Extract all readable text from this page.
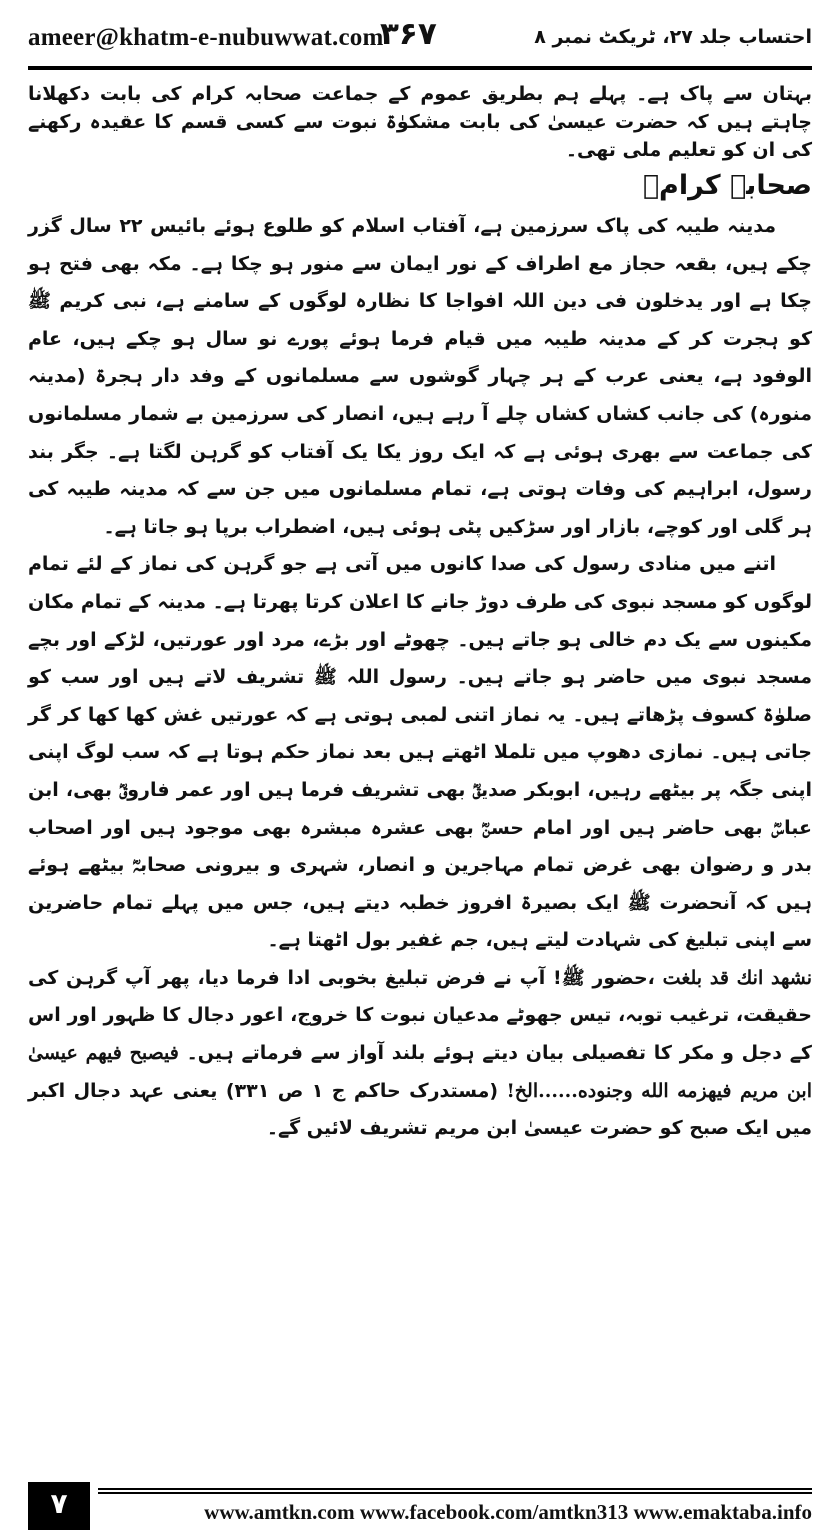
ameer@khatm-e-nubuwwat.com
۳۶۷	احتساب جلد ۲۷، ٹریکٹ نمبر ۸

بہتان سے پاک ہے۔ پہلے ہم بطریق عموم کے جماعت صحابہ کرام کی بابت دکھلانا چاہتے ہیں کہ حضرت عیسیٰ کی بابت مشکوٰۃ نبوت سے کسی قسم کا عقیدہ رکھنے کی ان کو تعلیم ملی تھی۔

صحابہ کرامؓ

مدینہ طیبہ کی پاک سرزمین ہے، آفتاب اسلام کو طلوع ہوئے بائیس ۲۲ سال گزر چکے ہیں، بقعہ حجاز مع اطراف کے نور ایمان سے منور ہو چکا ہے۔ مکہ بھی فتح ہو چکا ہے اور یدخلون فی دین اللہ افواجا کا نظارہ لوگوں کے سامنے ہے، نبی کریم ﷺ کو ہجرت کر کے مدینہ طیبہ میں قیام فرما ہوئے پورے نو سال ہو چکے ہیں، عام الوفود ہے، یعنی عرب کے ہر چہار گوشوں سے مسلمانوں کے وفد دار ہجرۃ (مدینہ منورہ) کی جانب کشاں کشاں چلے آ رہے ہیں، انصار کی سرزمین بے شمار مسلمانوں کی جماعت سے بھری ہوئی ہے کہ ایک روز یکا یک آفتاب کو گرہن لگتا ہے۔ جگر بند رسول، ابراہیم کی وفات ہوتی ہے، تمام مسلمانوں میں جن سے کہ مدینہ طیبہ کی ہر گلی اور کوچے، بازار اور سڑکیں پٹی ہوئی ہیں، اضطراب برپا ہو جاتا ہے۔

اتنے میں منادی رسول کی صدا کانوں میں آتی ہے جو گرہن کی نماز کے لئے تمام لوگوں کو مسجد نبوی کی طرف دوڑ جانے کا اعلان کرتا پھرتا ہے۔ مدینہ کے تمام مکان مکینوں سے یک دم خالی ہو جاتے ہیں۔ چھوٹے اور بڑے، مرد اور عورتیں، لڑکے اور بچے مسجد نبوی میں حاضر ہو جاتے ہیں۔ رسول اللہ ﷺ تشریف لاتے ہیں اور سب کو صلوٰۃ کسوف پڑھاتے ہیں۔ یہ نماز اتنی لمبی ہوتی ہے کہ عورتیں غش کھا کھا کر گر جاتی ہیں۔ نمازی دھوپ میں تلملا اٹھتے ہیں بعد نماز حکم ہوتا ہے کہ سب لوگ اپنی اپنی جگہ پر بیٹھے رہیں، ابوبکر صدیقؓ بھی تشریف فرما ہیں اور عمر فاروقؓ بھی، ابن عباسؓ بھی حاضر ہیں اور امام حسنؓ بھی عشرہ مبشرہ بھی موجود ہیں اور اصحاب بدر و رضوان بھی غرض تمام مہاجرین و انصار، شہری و بیرونی صحابہؓ بیٹھے ہوئے ہیں کہ آنحضرت ﷺ ایک بصیرۃ افروز خطبہ دیتے ہیں، جس میں پہلے تمام حاضرین سے اپنی تبلیغ کی شہادت لیتے ہیں، جم غفیر بول اٹھتا ہے۔

نشهد انك قد بلغت ،حضور ﷺ! آپ نے فرض تبلیغ بخوبی ادا فرما دیا، پھر آپ گرہن کی حقیقت، ترغیب توبہ، تیس جھوٹے مدعیان نبوت کا خروج، اعور دجال کا ظہور اور اس کے دجل و مکر کا تفصیلی بیان دیتے ہوئے بلند آواز سے فرماتے ہیں۔ فيصبح فيهم عيسىٰ ابن مريم فيهزمه الله وجنوده......الخ! (مستدرک حاکم ج ۱ ص ۳۳۱) یعنی عہد دجال اکبر میں ایک صبح کو حضرت عیسیٰ ابن مریم تشریف لائیں گے۔

۷	www.amtkn.com www.facebook.com/amtkn313 www.emaktaba.info
